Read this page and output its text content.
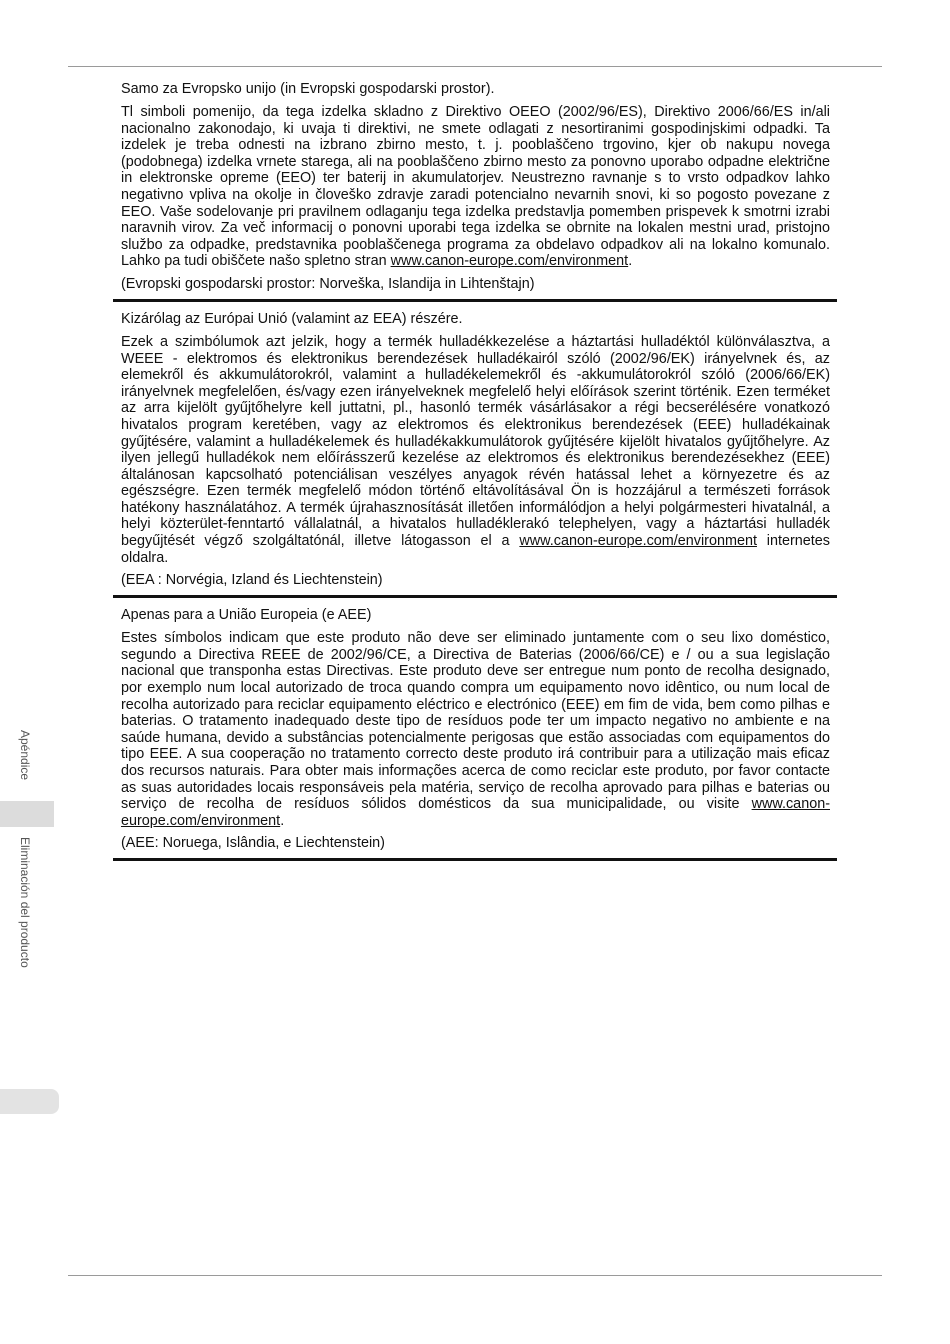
Apéndice
Eliminación del producto

Samo za Evropsko unijo (in Evropski gospodarski prostor).

Tl simboli pomenijo, da tega izdelka skladno z Direktivo OEEO (2002/96/ES), Direktivo 2006/66/ES in/ali nacionalno zakonodajo, ki uvaja ti direktivi, ne smete odlagati z nesortiranimi gospodinjskimi odpadki. Ta izdelek je treba odnesti na izbrano zbirno mesto, t. j. pooblaščeno trgovino, kjer ob nakupu novega (podobnega) izdelka vrnete starega, ali na pooblaščeno zbirno mesto za ponovno uporabo odpadne električne in elektronske opreme (EEO) ter baterij in akumulatorjev. Neustrezno ravnanje s to vrsto odpadkov lahko negativno vpliva na okolje in človeško zdravje zaradi potencialno nevarnih snovi, ki so pogosto povezane z EEO. Vaše sodelovanje pri pravilnem odlaganju tega izdelka predstavlja pomemben prispevek k smotrni izrabi naravnih virov. Za več informacij o ponovni uporabi tega izdelka se obrnite na lokalen mestni urad, pristojno službo za odpadke, predstavnika pooblaščenega programa za obdelavo odpadkov ali na lokalno komunalo. Lahko pa tudi obiščete našo spletno stran www.canon-europe.com/environment.

(Evropski gospodarski prostor: Norveška, Islandija in Lihtenštajn)

Kizárólag az Európai Unió (valamint az EEA) részére.

Ezek a szimbólumok azt jelzik, hogy a termék hulladékkezelése a háztartási hulladéktól különválasztva, a WEEE - elektromos és elektronikus berendezések hulladékairól szóló (2002/96/EK) irányelvnek és, az elemekről és akkumulátorokról, valamint a hulladékelemekről és -akkumulátorokról szóló (2006/66/EK) irányelvnek megfelelően, és/vagy ezen irányelveknek megfelelő helyi előírások szerint történik. Ezen terméket az arra kijelölt gyűjtőhelyre kell juttatni, pl., hasonló termék vásárlásakor a régi becserélésére vonatkozó hivatalos program keretében, vagy az elektromos és elektronikus berendezések (EEE) hulladékainak gyűjtésére, valamint a hulladékelemek és hulladékakkumulátorok gyűjtésére kijelölt hivatalos gyűjtőhelyre. Az ilyen jellegű hulladékok nem előírásszerű kezelése az elektromos és elektronikus berendezésekhez (EEE) általánosan kapcsolható potenciálisan veszélyes anyagok révén hatással lehet a környezetre és az egészségre. Ezen termék megfelelő módon történő eltávolításával Ön is hozzájárul a természeti források hatékony használatához. A termék újrahasznosítását illetően informálódjon a helyi polgármesteri hivatalnál, a helyi közterület-fenntartó vállalatnál, a hivatalos hulladéklerakó telephelyen, vagy a háztartási hulladék begyűjtését végző szolgáltatónál, illetve látogasson el a www.canon-europe.com/environment internetes oldalra.

(EEA : Norvégia, Izland és Liechtenstein)

Apenas para a União Europeia (e AEE)

Estes símbolos indicam que este produto não deve ser eliminado juntamente com o seu lixo doméstico, segundo a Directiva REEE de 2002/96/CE, a Directiva de Baterias (2006/66/CE) e / ou a sua legislação nacional que transponha estas Directivas. Este produto deve ser entregue num ponto de recolha designado, por exemplo num local autorizado de troca quando compra um equipamento novo idêntico, ou num local de recolha autorizado para reciclar equipamento eléctrico e electrónico (EEE) em fim de vida, bem como pilhas e baterias. O tratamento inadequado deste tipo de resíduos pode ter um impacto negativo no ambiente e na saúde humana, devido a substâncias potencialmente perigosas que estão associadas com equipamentos do tipo EEE. A sua cooperação no tratamento correcto deste produto irá contribuir para a utilização mais eficaz dos recursos naturais. Para obter mais informações acerca de como reciclar este produto, por favor contacte as suas autoridades locais responsáveis pela matéria, serviço de recolha aprovado para pilhas e baterias ou serviço de recolha de resíduos sólidos domésticos da sua municipalidade, ou visite www.canon-europe.com/environment.

(AEE: Noruega, Islândia, e Liechtenstein)
